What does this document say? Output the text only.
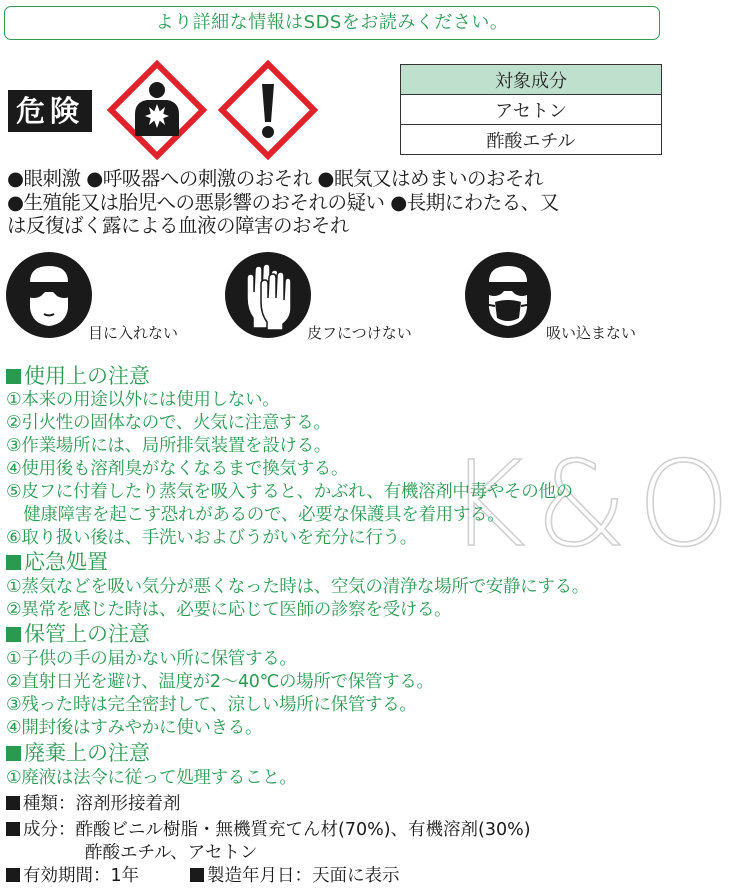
より詳細な情報はSDSをお読みください。
危険
対象成分
アセトン
酢酸エチル
●眼刺激 ●呼吸器への刺激のおそれ ●眠気又はめまいのおそれ
●生殖能又は胎児への悪影響のおそれの疑い ●長期にわたる、又
は反復ばく露による血液の障害のおそれ
目に入れない	皮フにつけない	吸い込まない
K&O
使用上の注意
①本来の用途以外には使用しない。
②引火性の固体なので、火気に注意する。
③作業場所には、局所排気装置を設ける。
④使用後も溶剤臭がなくなるまで換気する。
⑤皮フに付着したり蒸気を吸入すると、かぶれ、有機溶剤中毒やその他の
　健康障害を起こす恐れがあるので、必要な保護具を着用する。
⑥取り扱い後は、手洗いおよびうがいを充分に行う。
応急処置
①蒸気などを吸い気分が悪くなった時は、空気の清浄な場所で安静にする。
②異常を感じた時は、必要に応じて医師の診察を受ける。
保管上の注意
①子供の手の届かない所に保管する。
②直射日光を避け、温度が2〜40℃の場所で保管する。
③残った時は完全密封して、涼しい場所に保管する。
④開封後はすみやかに使いきる。
廃棄上の注意
①廃液は法令に従って処理すること。
種類：溶剤形接着剤
成分：酢酸ビニル樹脂・無機質充てん材(70%)、有機溶剤(30%)
酢酸エチル、アセトン
有効期間：1年	製造年月日：天面に表示
